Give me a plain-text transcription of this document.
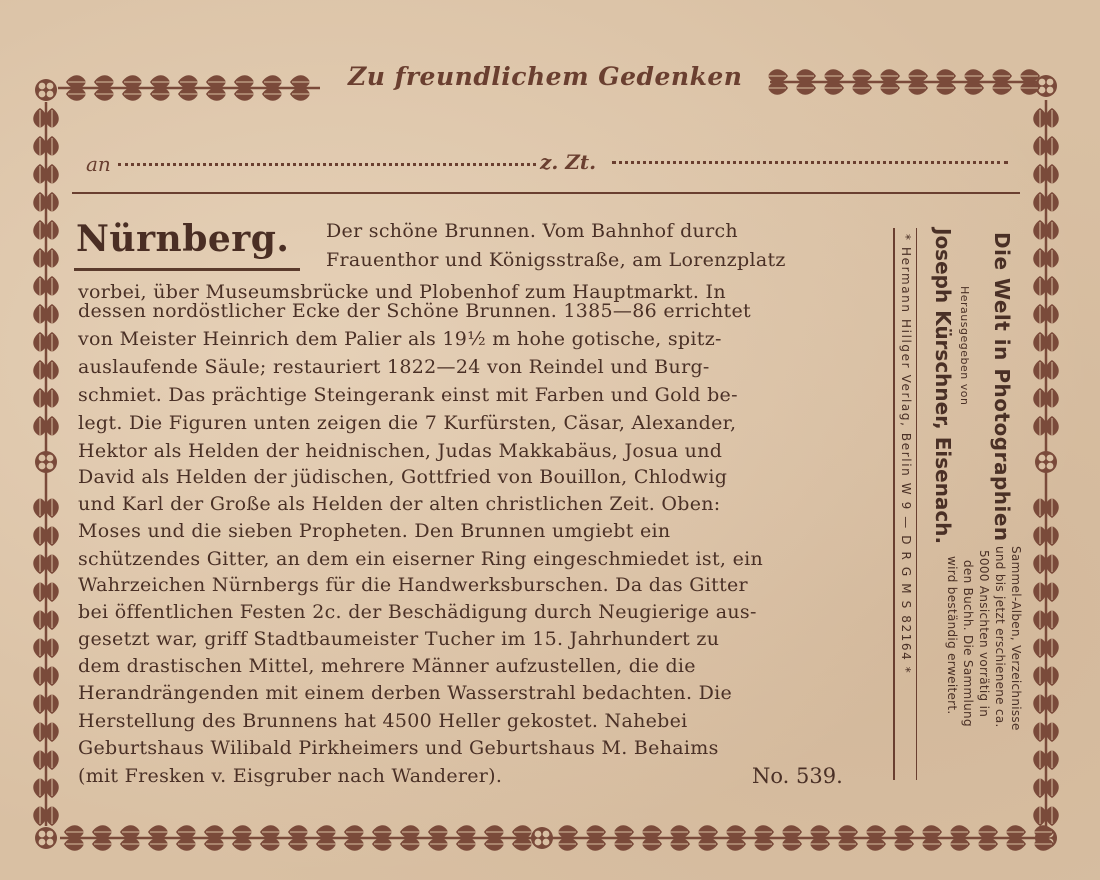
Zu freundlichem Gedenken
an	z. Zt.
Nürnberg.	Der schöne Brunnen. Vom Bahnhof durch
Frauenthor und Königsstraße, am Lorenzplatz
vorbei, über Museumsbrücke und Plobenhof zum Hauptmarkt. In
dessen nordöstlicher Ecke der Schöne Brunnen. 1385—86 errichtet
von Meister Heinrich dem Palier als 19½ m hohe gotische, spitz-
auslaufende Säule; restauriert 1822—24 von Reindel und Burg-
schmiet. Das prächtige Steingerank einst mit Farben und Gold be-
legt. Die Figuren unten zeigen die 7 Kurfürsten, Cäsar, Alexander,
Hektor als Helden der heidnischen, Judas Makkabäus, Josua und
David als Helden der jüdischen, Gottfried von Bouillon, Chlodwig
und Karl der Große als Helden der alten christlichen Zeit. Oben:
Moses und die sieben Propheten. Den Brunnen umgiebt ein
schützendes Gitter, an dem ein eiserner Ring eingeschmiedet ist, ein
Wahrzeichen Nürnbergs für die Handwerksburschen. Da das Gitter
bei öffentlichen Festen 2c. der Beschädigung durch Neugierige aus-
gesetzt war, griff Stadtbaumeister Tucher im 15. Jahrhundert zu
dem drastischen Mittel, mehrere Männer aufzustellen, die die
Herandrängenden mit einem derben Wasserstrahl bedachten. Die
Herstellung des Brunnens hat 4500 Heller gekostet. Nahebei
Geburtshaus Wilibald Pirkheimers und Geburtshaus M. Behaims
(mit Fresken v. Eisgruber nach Wanderer).	No. 539.
* Hermann Hillger Verlag, Berlin W 9 — D R G M S 82164 * Joseph Kürschner, Eisenach. Herausgegeben von Die Welt in Photographien
Sammel-Alben, Verzeichnisse
und bis jetzt erschienene ca.
5000 Ansichten vorrätig in
den Buchh. Die Sammlung
wird beständig erweitert.
